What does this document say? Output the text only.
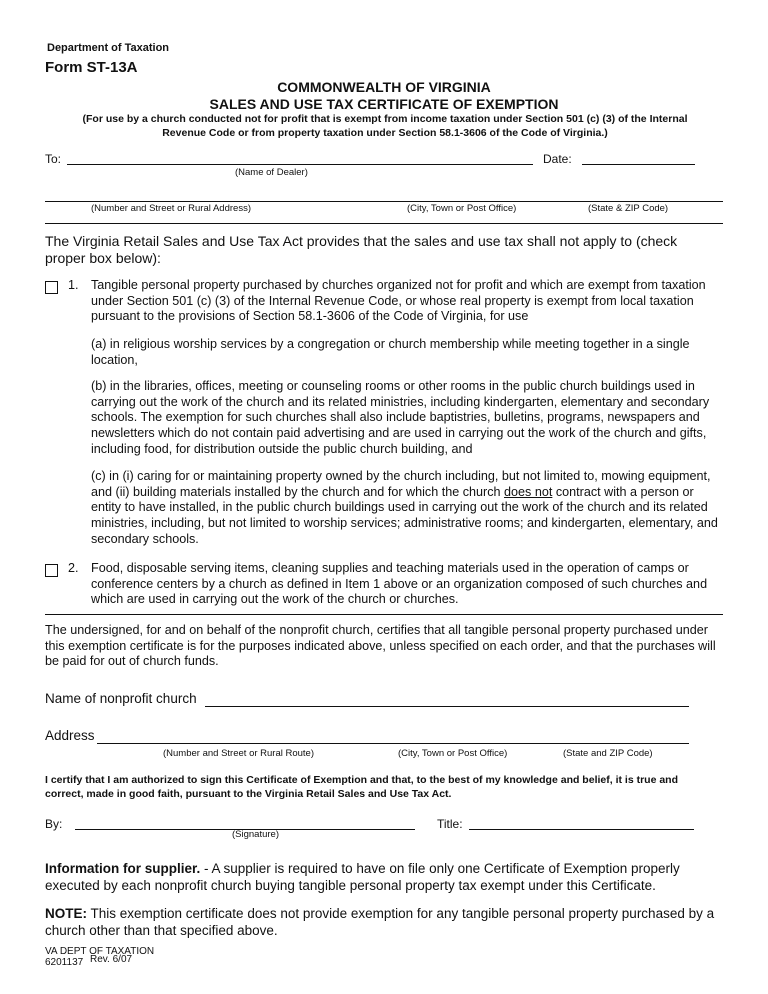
Department of Taxation
Form ST-13A
COMMONWEALTH OF VIRGINIA
SALES AND USE TAX CERTIFICATE OF EXEMPTION
(For use by a church conducted not for profit that is exempt from income taxation under Section 501 (c) (3) of the Internal Revenue Code or from property taxation under Section 58.1-3606 of the Code of Virginia.)
To:	Date:
(Name of Dealer)
(Number and Street or Rural Address)	(City, Town or Post Office)	(State & ZIP Code)
The Virginia Retail Sales and Use Tax Act provides that the sales and use tax shall not apply to (check proper box below):
1. Tangible personal property purchased by churches organized not for profit and which are exempt from taxation under Section 501 (c) (3) of the Internal Revenue Code, or whose real property is exempt from local taxation pursuant to the provisions of Section 58.1-3606 of the Code of Virginia, for use
(a) in religious worship services by a congregation or church membership while meeting together in a single location,
(b) in the libraries, offices, meeting or counseling rooms or other rooms in the public church buildings used in carrying out the work of the church and its related ministries, including kindergarten, elementary and secondary schools. The exemption for such churches shall also include baptistries, bulletins, programs, newspapers and newsletters which do not contain paid advertising and are used in carrying out the work of the church and gifts, including food, for distribution outside the public church building, and
(c) in (i) caring for or maintaining property owned by the church including, but not limited to, mowing equipment, and (ii) building materials installed by the church and for which the church does not contract with a person or entity to have installed, in the public church buildings used in carrying out the work of the church and its related ministries, including, but not limited to worship services; administrative rooms; and kindergarten, elementary, and secondary schools.
2. Food, disposable serving items, cleaning supplies and teaching materials used in the operation of camps or conference centers by a church as defined in Item 1 above or an organization composed of such churches and which are used in carrying out the work of the church or churches.
The undersigned, for and on behalf of the nonprofit church, certifies that all tangible personal property purchased under this exemption certificate is for the purposes indicated above, unless specified on each order, and that the purchases will be paid for out of church funds.
Name of nonprofit church
Address
(Number and Street or Rural Route)	(City, Town or Post Office)	(State and ZIP Code)
I certify that I am authorized to sign this Certificate of Exemption and that, to the best of my knowledge and belief, it is true and correct, made in good faith, pursuant to the Virginia Retail Sales and Use Tax Act.
By:
(Signature)
Title:
Information for supplier. - A supplier is required to have on file only one Certificate of Exemption properly executed by each nonprofit church buying tangible personal property tax exempt under this Certificate.
NOTE: This exemption certificate does not provide exemption for any tangible personal property purchased by a church other than that specified above.
VA DEPT OF TAXATION
6201137 Rev. 6/07
